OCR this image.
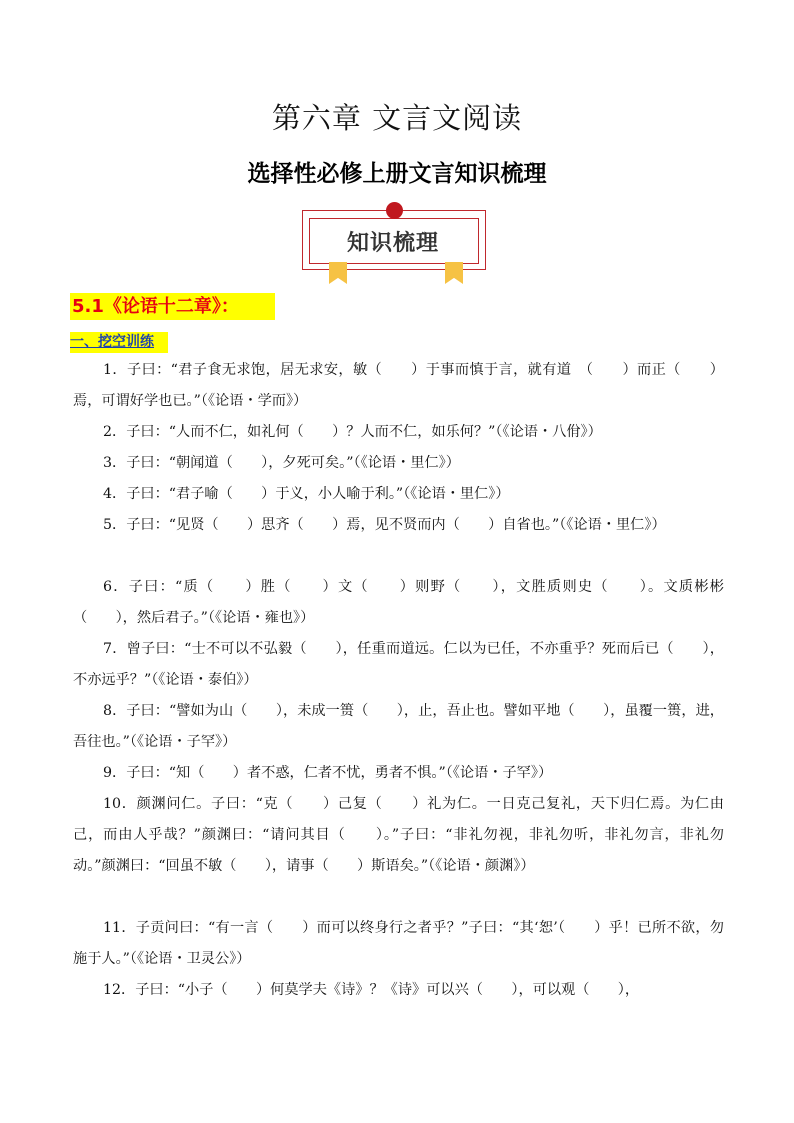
第六章 文言文阅读
选择性必修上册文言知识梳理
知识梳理
5.1《论语十二章》：
一、挖空训练

1．子曰：“君子食无求饱，居无求安，敏（　　）于事而慎于言，就有道　（　　）而正（　　）焉，可谓好学也已。”（《论语・学而》）

2．子曰：“人而不仁，如礼何（　　）？人而不仁，如乐何？”（《论语・八佾》）

3．子曰：“朝闻道（　　），夕死可矣。”（《论语・里仁》）

4．子曰：“君子喻（　　）于义，小人喻于利。”（《论语・里仁》）

5．子曰：“见贤（　　）思齐（　　）焉，见不贤而内（　　）自省也。”（《论语・里仁》）

6．子曰：“质（　　）胜（　　）文（　　）则野（　　），文胜质则史（　　）。文质彬彬（　　），然后君子。”（《论语・雍也》）

7．曾子曰：“士不可以不弘毅（　　），任重而道远。仁以为已任，不亦重乎？死而后已（　　），不亦远乎？”（《论语・泰伯》）

8．子曰：“譬如为山（　　），未成一篑（　　），止，吾止也。譬如平地（　　），虽覆一篑，进，吾往也。”（《论语・子罕》）

9．子曰：“知（　　）者不惑，仁者不忧，勇者不惧。”（《论语・子罕》）

10．颜渊问仁。子曰：“克（　　）己复（　　）礼为仁。一日克己复礼，天下归仁焉。为仁由己，而由人乎哉？”颜渊曰：“请问其目（　　）。”子曰：“非礼勿视，非礼勿听，非礼勿言，非礼勿动。”颜渊曰：“回虽不敏（　　），请事（　　）斯语矣。”（《论语・颜渊》）

11．子贡问曰：“有一言（　　）而可以终身行之者乎？”子曰：“其‘恕’（　　）乎！已所不欲，勿施于人。”（《论语・卫灵公》）

12．子曰：“小子（　　）何莫学夫《诗》？《诗》可以兴（　　），可以观（　　），
